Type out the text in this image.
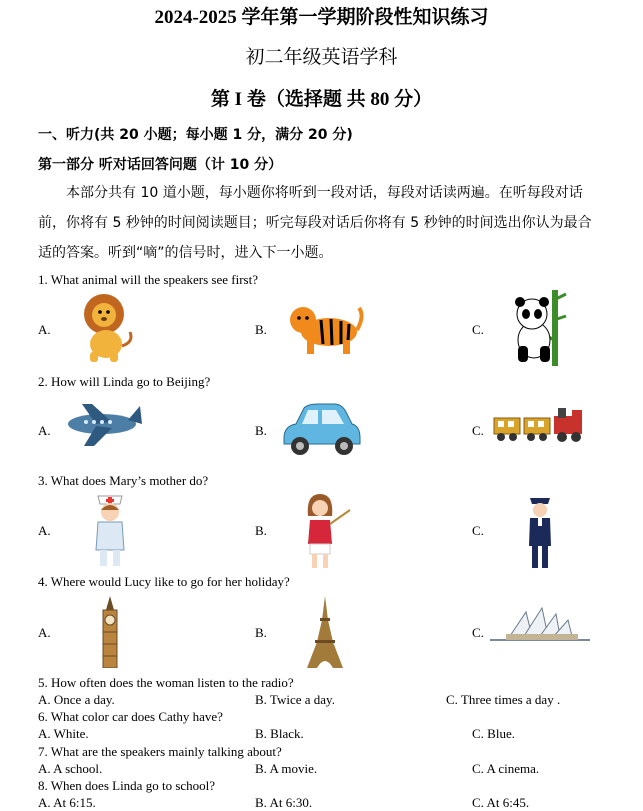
2024-2025 学年第一学期阶段性知识练习
初二年级英语学科
第 I 卷（选择题 共 80 分）
一、听力(共 20 小题；每小题 1 分，满分 20 分)
第一部分 听对话回答问题（计 10 分）
本部分共有 10 道小题，每小题你将听到一段对话，每段对话读两遍。在听每段对话前，你将有 5 秒钟的时间阅读题目；听完每段对话后你将有 5 秒钟的时间选出你认为最合适的答案。听到“嘀”的信号时，进入下一小题。
1. What animal will the speakers see first?
A.	B.	C.
2. How will Linda go to Beijing?
A.	B.	C.
3. What does Mary’s mother do?
A.	B.	C.
4. Where would Lucy like to go for her holiday?
A.	B.	C.
5. How often does the woman listen to the radio?
A. Once a day.	B. Twice a day.	C. Three times a day .
6. What color car does Cathy have?
A. White.	B. Black.	C. Blue.
7. What are the speakers mainly talking about?
A. A school.	B. A movie.	C. A cinema.
8. When does Linda go to school?
A. At 6:15.	B. At 6:30.	C. At 6:45.
